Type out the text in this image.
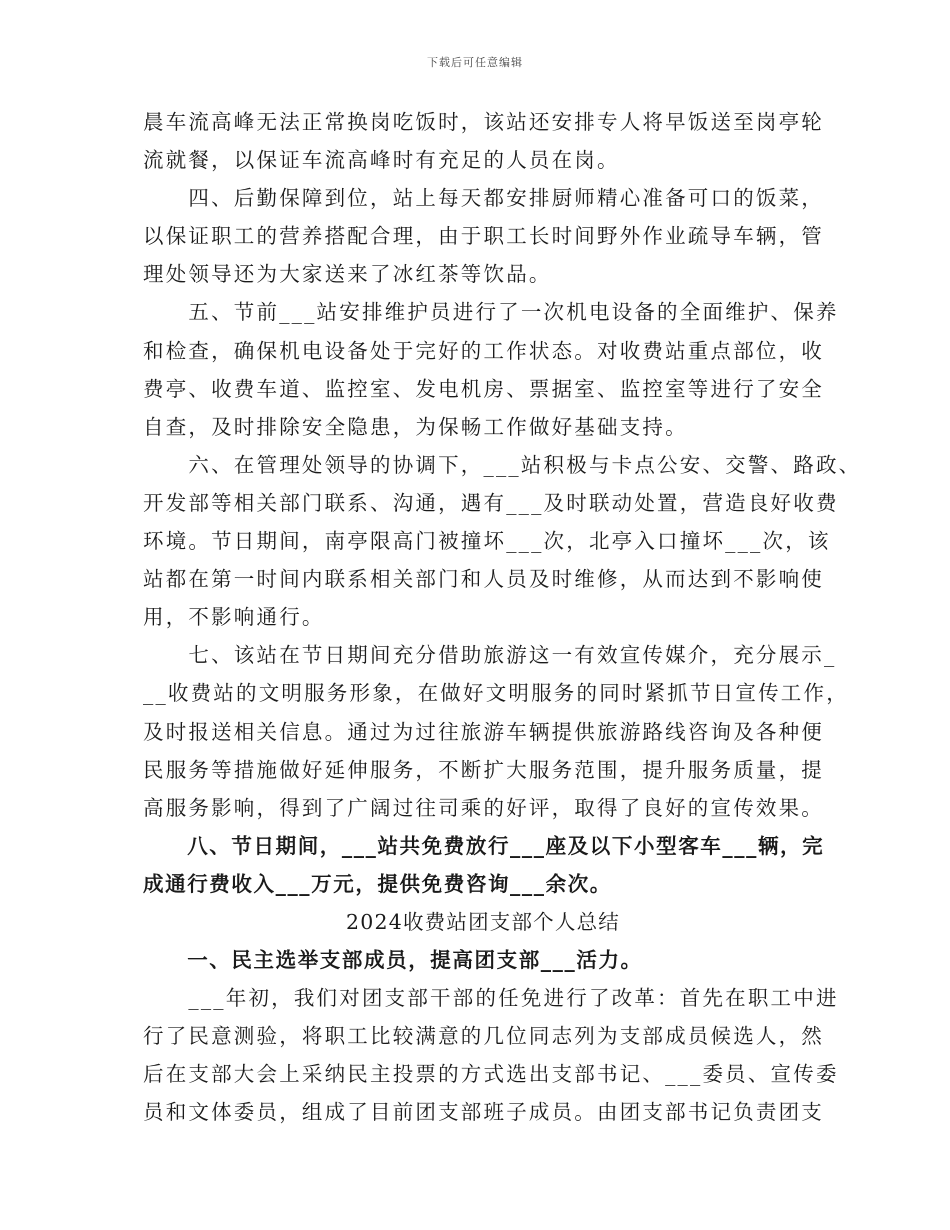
下载后可任意编辑

晨车流高峰无法正常换岗吃饭时，该站还安排专人将早饭送至岗亭轮
流就餐，以保证车流高峰时有充足的人员在岗。

　　四、后勤保障到位，站上每天都安排厨师精心准备可口的饭菜，
以保证职工的营养搭配合理，由于职工长时间野外作业疏导车辆，管
理处领导还为大家送来了冰红茶等饮品。

　　五、节前___站安排维护员进行了一次机电设备的全面维护、保养
和检查，确保机电设备处于完好的工作状态。对收费站重点部位，收
费亭、收费车道、监控室、发电机房、票据室、监控室等进行了安全
自查，及时排除安全隐患，为保畅工作做好基础支持。

　　六、在管理处领导的协调下，___站积极与卡点公安、交警、路政、
开发部等相关部门联系、沟通，遇有___及时联动处置，营造良好收费
环境。节日期间，南亭限高门被撞坏___次，北亭入口撞坏___次，该
站都在第一时间内联系相关部门和人员及时维修，从而达到不影响使
用，不影响通行。

　　七、该站在节日期间充分借助旅游这一有效宣传媒介，充分展示_
__收费站的文明服务形象，在做好文明服务的同时紧抓节日宣传工作，
及时报送相关信息。通过为过往旅游车辆提供旅游路线咨询及各种便
民服务等措施做好延伸服务，不断扩大服务范围，提升服务质量，提
高服务影响，得到了广阔过往司乘的好评，取得了良好的宣传效果。

　　八、节日期间，___站共免费放行___座及以下小型客车___辆，完
成通行费收入___万元，提供免费咨询___余次。

2024收费站团支部个人总结

　　一、民主选举支部成员，提高团支部___活力。

　　___年初，我们对团支部干部的任免进行了改革：首先在职工中进
行了民意测验，将职工比较满意的几位同志列为支部成员候选人，然
后在支部大会上采纳民主投票的方式选出支部书记、___委员、宣传委
员和文体委员，组成了目前团支部班子成员。由团支部书记负责团支
